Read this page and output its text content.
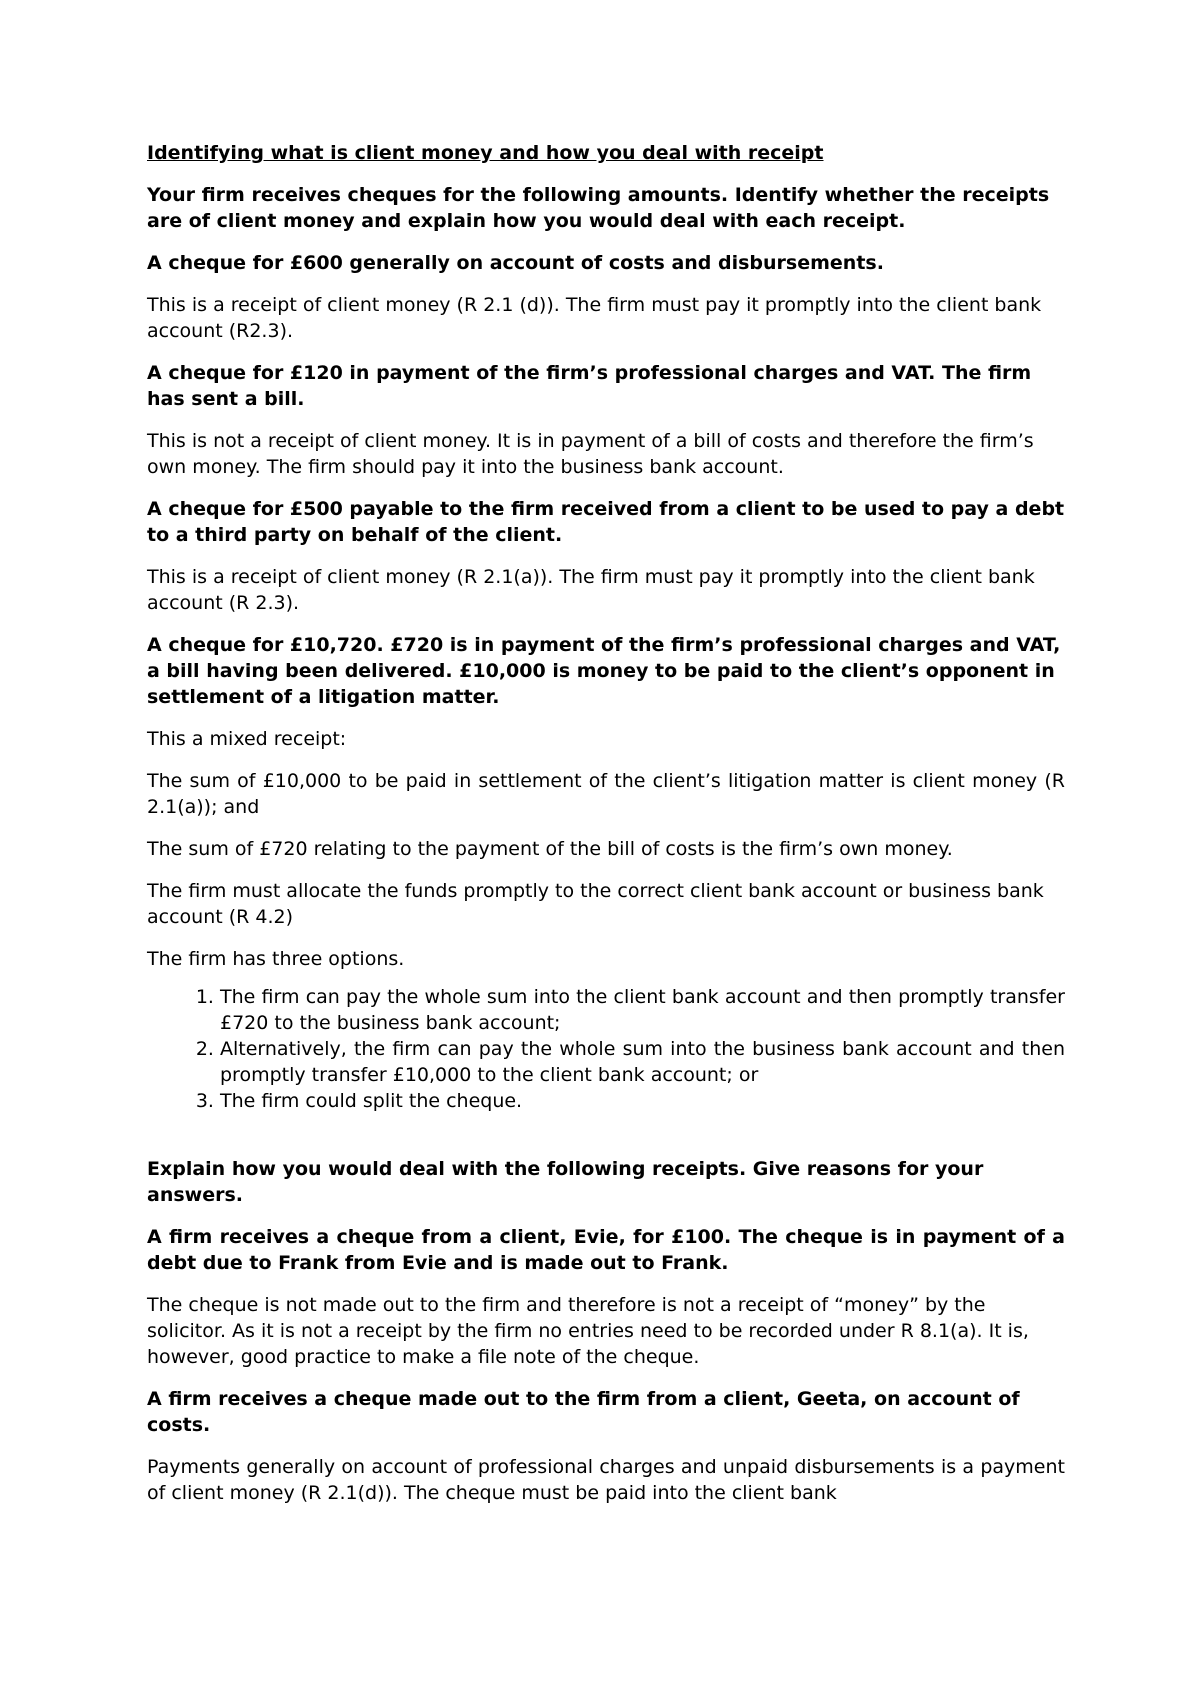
Identifying what is client money and how you deal with receipt

Your firm receives cheques for the following amounts. Identify whether the receipts are of client money and explain how you would deal with each receipt.

A cheque for £600 generally on account of costs and disbursements.

This is a receipt of client money (R 2.1 (d)). The firm must pay it promptly into the client bank account (R2.3).

A cheque for £120 in payment of the firm’s professional charges and VAT. The firm has sent a bill.

This is not a receipt of client money. It is in payment of a bill of costs and therefore the firm’s own money. The firm should pay it into the business bank account.

A cheque for £500 payable to the firm received from a client to be used to pay a debt to a third party on behalf of the client.

This is a receipt of client money (R 2.1(a)). The firm must pay it promptly into the client bank account (R 2.3).

A cheque for £10,720. £720 is in payment of the firm’s professional charges and VAT, a bill having been delivered. £10,000 is money to be paid to the client’s opponent in settlement of a litigation matter.

This a mixed receipt:

The sum of £10,000 to be paid in settlement of the client’s litigation matter is client money (R 2.1(a)); and

The sum of £720 relating to the payment of the bill of costs is the firm’s own money.

The firm must allocate the funds promptly to the correct client bank account or business bank account (R 4.2)

The firm has three options.

1. The firm can pay the whole sum into the client bank account and then promptly transfer £720 to the business bank account;
2. Alternatively, the firm can pay the whole sum into the business bank account and then promptly transfer £10,000 to the client bank account; or
3. The firm could split the cheque.

Explain how you would deal with the following receipts. Give reasons for your answers.

A firm receives a cheque from a client, Evie, for £100. The cheque is in payment of a debt due to Frank from Evie and is made out to Frank.

The cheque is not made out to the firm and therefore is not a receipt of “money” by the solicitor. As it is not a receipt by the firm no entries need to be recorded under R 8.1(a). It is, however, good practice to make a file note of the cheque.

A firm receives a cheque made out to the firm from a client, Geeta, on account of costs.

Payments generally on account of professional charges and unpaid disbursements is a payment of client money (R 2.1(d)). The cheque must be paid into the client bank
